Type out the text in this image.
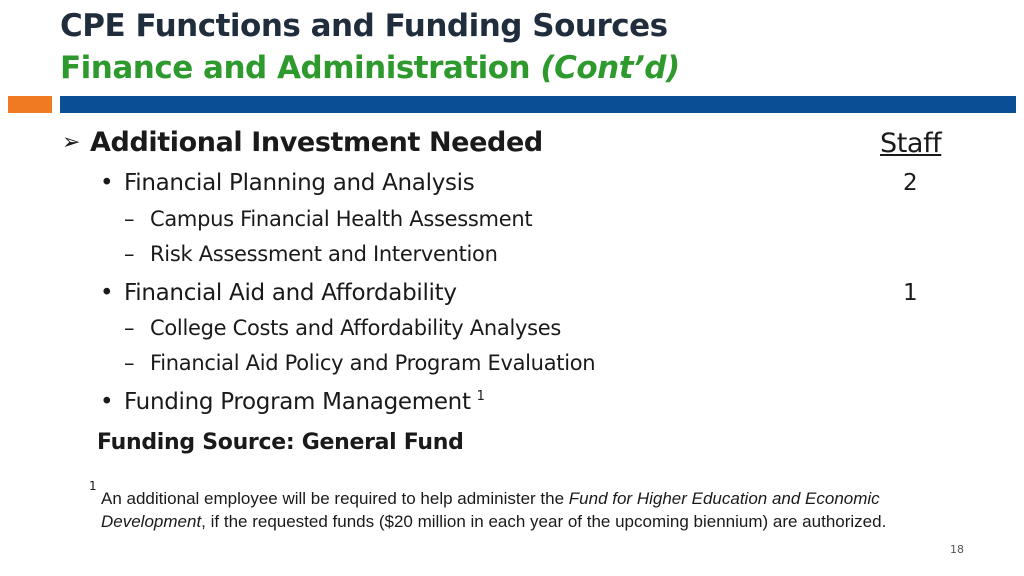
CPE Functions and Funding Sources
Finance and Administration (Cont’d)
➢ Additional Investment Needed	Staff
• Financial Planning and Analysis	2
– Campus Financial Health Assessment
– Risk Assessment and Intervention
• Financial Aid and Affordability	1
– College Costs and Affordability Analyses
– Financial Aid Policy and Program Evaluation
• Funding Program Management $^1$
Funding Source: General Fund
1
An additional employee will be required to help administer the Fund for Higher Education and Economic Development, if the requested funds ($20 million in each year of the upcoming biennium) are authorized.
18
